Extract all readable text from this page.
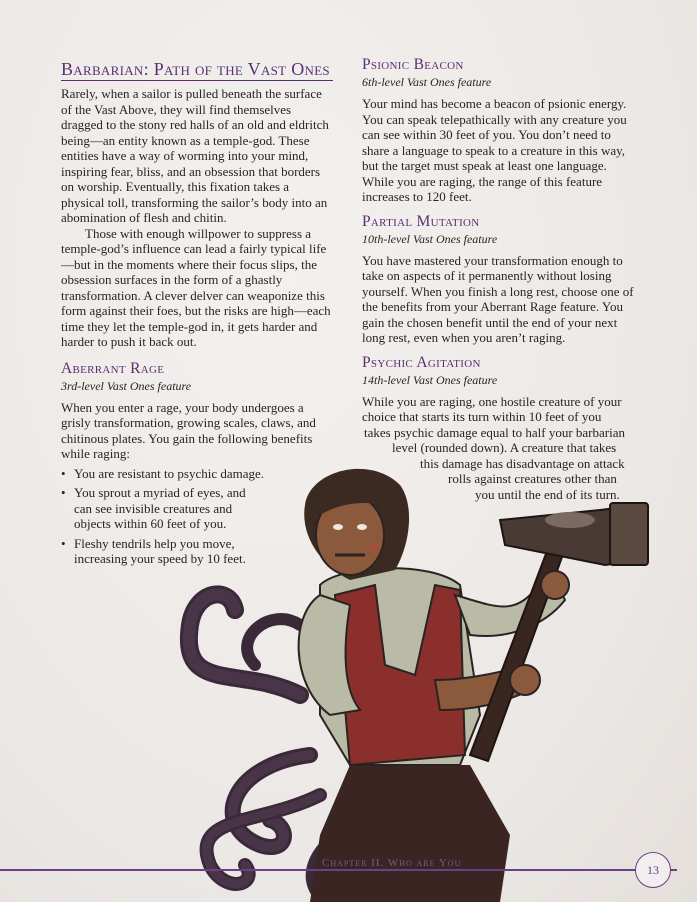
Barbarian: Path of the Vast Ones

Rarely, when a sailor is pulled beneath the surface of the Vast Above, they will find themselves dragged to the stony red halls of an old and eldritch being—an entity known as a temple-god. These entities have a way of worming into your mind, inspiring fear, bliss, and an obsession that borders on worship. Eventually, this fixation takes a physical toll, transforming the sailor’s body into an abomination of flesh and chitin.

Those with enough willpower to suppress a temple-god’s influence can lead a fairly typical life—but in the moments where their focus slips, the obsession surfaces in the form of a ghastly transformation. A clever delver can weaponize this form against their foes, but the risks are high—each time they let the temple-god in, it gets harder and harder to push it back out.

Aberrant Rage
3rd-level Vast Ones feature

When you enter a rage, your body undergoes a grisly transformation, growing scales, claws, and chitinous plates. You gain the following benefits while raging:

• You are resistant to psychic damage.
• You sprout a myriad of eyes, and can see invisible creatures and objects within 60 feet of you.
• Fleshy tendrils help you move, increasing your speed by 10 feet.
Psionic Beacon
6th-level Vast Ones feature

Your mind has become a beacon of psionic energy. You can speak telepathically with any creature you can see within 30 feet of you. You don’t need to share a language to speak to a creature in this way, but the target must speak at least one language. While you are raging, the range of this feature increases to 120 feet.

Partial Mutation
10th-level Vast Ones feature

You have mastered your transformation enough to take on aspects of it permanently without losing yourself. When you finish a long rest, choose one of the benefits from your Aberrant Rage feature. You gain the chosen benefit until the end of your next long rest, even when you aren’t raging.

Psychic Agitation
14th-level Vast Ones feature

While you are raging, one hostile creature of your

choice that starts its turn within 10 feet of you

takes psychic damage equal to half your barbarian

level (rounded down). A creature that takes

this damage has disadvantage on attack

rolls against creatures other than

you until the end of its turn.

Chapter II. Who are You	13
